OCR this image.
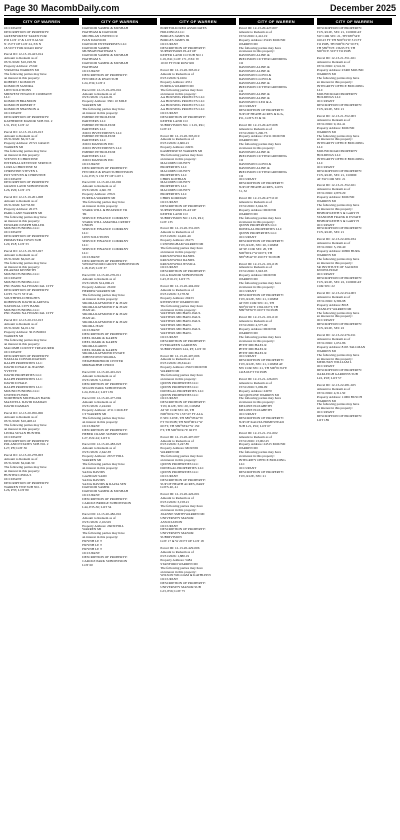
Page 30 MacombDaily.com	December 2025
CITY OF WARREN
OCCUPANT
DESCRIPTION OF PROPERTY:
GREENFOREST TAKEN FOR
P/O LOT 17 & LOT 8 ALSO
N 15 FT OF LOT 24, EX N
18.50 FT FOR ROAD ROW
Parcel ID: 12-13-19-423-014
Amount to Redeem as of
03/31/2026: $10,198.39
Property Address: 27240
VIRGINIA WARREN MI
The following parties may have
an interest in this property:
ROBERT J KOMOCH
KOMOCH SANDRA
LIEN SOLUTIONS
MIDWEST FINANCE COMPANY
LLC
KOMOCH BRANDON
KOMOCH ROBERT F
KOMOCH SHANNON A
OCCUPANT
DESCRIPTION OF PROPERTY:
KATHERINE MANOR SUB NO. 2
L31, P10; LOT 12
Parcel ID: 12-13-19-129-013
Amount to Redeem as of
03/31/2026: $6,317.42
Property Address: 25721 GRACE
WARREN MI
The following parties may have
an interest in this property:
STEVEN E CHRISTINE
INTERNAL REVENUE SERVICE
LORI A CHRISTINE M
CHRISTINE STEVEN L
POT STEVEN & CHRISTINE
OCCUPANT
DESCRIPTION OF PROPERTY:
GRAND LAND SUBDIVISION
L26, P26; LOT 172
Parcel ID: 12-13-19-201-008
Amount to Redeem as of
03/31/2026: $.0733.80
Property Address: 26173
PARK LANE WARREN MI
The following parties may have
an interest in this property:
EDWARD JOSEPH MILLER
MOUND FUNDING LLC
OCCUPANT
DESCRIPTION OF PROPERTY:
PRIMAVERA TOWN SUB
L20, P18; LOT 33
Parcel ID: 12-13-19-353-027
Amount to Redeem as of
03/31/2026: $6,947.42
The following parties may have
an interest in this property:
PILARSKI KENNETH
MOUND FUNDING LLC
OCCUPANT
MOUND FUNDING LLC
PNC BANK NA FINANCIAL CITY
DESCRIPTION OF PROPERTY:
LOTS 74-75 ST P AL
SOUTHFIELD HEIGHTS
ROBINSON DAVID & ARESTA
NATIONAL CITY BANK
MOUND FUNDING LLC
PNC BANK NA FINANCIAL CITY
Parcel ID: 12-13-20-152-013
Amount to Redeem as of
03/31/2026: $4,011.59
Property Address: 3615 BODO
WARREN MI
The following parties may have
an interest in this property:
MACOMB COUNTY TREASURER
OCCUPANT
DESCRIPTION OF PROPERTY:
NATALIA CONSOLIDATION
RALPH PROPERTIES LLC
DAVID D HALE & JEANNE
YVETTE
DAVID PROPERTIES LLC
RALPH PROPERTIES LLC
DAVID D HALE
RALPH PROPERTIES LLC
MOUND FUNDING LLC
UNITED FUNDS
NORTHERN MICHIGAN BANK
MAXWELL DAVID DAMIAN
DAVID DAMIAN
Parcel ID: 12-13-20-056-006
Amount to Redeem as of
03/31/2026: $10,468.12
The following parties may have
an interest in this property:
LINDA SUSAN HUNTER
OCCUPANT
DESCRIPTION OF PROPERTY:
POLAND ESTATES SUB NO. 2
L27, P8; LOT 36
Parcel ID: 12-13-20-278-003
Amount to Redeem as of
03/31/2026: $2,640.30
The following parties may have
an interest in this property:
HUNTER LINDA S
OCCUPANT
DESCRIPTION OF PROPERTY:
WARREN TWP SUB NO. 1
L26, P35; LOT 80
CITY OF WARREN
DAWOOD SAMER & MUSBAH
HAITHAM & DAWOOD
MICHIGAN UNITED CU
IVAN DAWOOD
DAWOOD ENTERPRISES LLC
DAWOOD SAMER
MUSBAH HAITHAM S
DAWOOD SAMER & MUSBAH
HAITHAM S
DAWOOD SAMER & MUSBAH
HAITHAM
OCCUPANT
DESCRIPTION OF PROPERTY:
FEN MILE & RYAN SUB
L24, P34; LOT 2
Parcel ID: 12-13-19-476-016
Amount to Redeem as of
03/31/2026: 13,441.81
Property Address: 3301 10 MILE
WARREN MI
The following parties may have
an interest in this property:
EMPIRE PETROLEUM
PARTNERS LLC
EMPIRE PETROLEUM
PARTNERS LLC
JOUD INVESTMENTS LLC
EMPIRE PETROLEUM
PARTNERS LLC
JOUD MANSION INC
JOUD INVESTMENTS LLC
EMPIRE PETROLEUM
PARTNERS LLC
JOUD MANSION INC
OCCUPANT
DESCRIPTION OF PROPERTY:
FEN MILE & RYAN SUBDIVISION
L24, P35; S 150 FT OF LOT 1
Parcel ID: 12-13-20-102-002
Amount to Redeem as of
03/31/2026: 4,661.78
Property Address: 27021
EUREKA WARREN MI
The following parties may have
an interest in this property:
STARK WILL & BEATRICE TR
TR
SERVICE FINANCE COMPANY
STARK WILL AMANDA CREDIT
UNION
SERVICE FINANCE COMPANY
LLC
LIEN SOLUTIONS
SERVICE FINANCE COMPANY
LLC
SERVICE FINANCE COMPANY
LLC
OCCUPANT
DESCRIPTION OF PROPERTY:
WEDGEWOOD GROVE SUBDIVISION
L18, P43; LOT 37
Parcel ID: 12-13-20-276-011
Amount to Redeem as of
03/31/2026: $14,006.21
Property Address: 26169
HERDER WARREN MI
The following parties may have
an interest in this property:
SIKORA RAYMOND F & JEAN
SIKORA RAYMOND F & JEAN
JEAN AL
SIKORA RAYMOND F & JEAN
JEAN AL
SIKORA RAYMOND F & JEAN
SIKORA JEAN
OCCUPANT
DESCRIPTION OF PROPERTY:
DEEL MARK & KAREN
DEEL MARK & KAREN
SIKORA KAREN
DEEL MARK & KAREN
SIKORA RAYMOND ESTATE
JOHNSTOWN SIKORA
NEIGHBORHOOD CENTER
MIRBAKHSH CHUDI
Parcel ID: 12-13-20-401-021
Amount to Redeem as of
03/31/2026: 5,129.62
DESCRIPTION OF PROPERTY:
SEGUIN PARK SUBDIVISION
L24, P20-41; LOT 139
Parcel ID: 12-13-20-477-004
Amount to Redeem as of
03/31/2026: 2,244.96
Property Address: 4711 COOLEY
CT WARREN MI
The following parties may have
an interest in this property:
OCCUPANT
DESCRIPTION OF PROPERTY:
HEBER CRANE SUBDIVISION
L27, P22-24; LOT 6
Parcel ID: 12-13-20-483-023
Amount to Redeem as of
03/31/2026: 2,642.38
Property Address: 26727 HILL
WARREN MI
The following parties may have
an interest in this property:
SAZIA DAVIDS
GAZIDAN SAMI
SAZIA DAVIDS
SAZIA DAVIDS & RAZIA SEN
DAWOOD SAMER
DAWOOD SAMER & MUSBAH
OCCUPANT
DESCRIPTION OF PROPERTY:
CAROLE BRIDGE SUBDIVISION
L44, P35-36; LOT 54
Parcel ID: 12-13-20-482-016
Amount to Redeem as of
03/31/2026: 2,102.69
Property Address: 26639 HILL
WARREN MI
The following parties may have
an interest in this property:
HUYNH LE T
HUYNH LE T
HUYNH LE T
OCCUPANT
DESCRIPTION OF PROPERTY:
CAROLE PARK SUBDIVISION
LOT 60
CITY OF WARREN
PORTFOLIO REO ASSOCIATES
HOLDINGS LLC
BORGES JAMES JR
BORGES JAMES JR
OCCUPANT
DESCRIPTION OF PROPERTY:
SUPERVISORS PLAT OF
KEIFER LAND CO SUB NO 1
L19, P41; LOT 171, EXC W
10.50 FT FOR ROW RD
Parcel ID: 12-13-20-303-012
Amount to Redeem as of
03/31/2026: $.1604
Property Address: 4351
EUREKA WARREN MI
The following parties may have
an interest in this property:
AA HOUSING PROJECTS LLC
AA HOUSING PROJECTS LLC
AA HOUSING PROJECTS LLC
AA HOUSING PROJECTS LLC
OCCUPANT
DESCRIPTION OF PROPERTY:
KEIFER LAND CO
SUBDIVISION NO. 1 L19, P41;
LOT 23
Parcel ID: 12-13-20-303-019
Amount to Redeem as of
03/31/2026: 2,606.21
Property Address: 24931
KAMPERSETZ WARREN MI
The following parties may have
an interest in this property:
MACOMB COUNTY
PROPERTIES LLC
MACOMB COUNTY
PROPERTIES LLC
CHRIS KOTBIAN
MACOMB COUNTY
PROPERTIES LLC
MACOMB COUNTY
PROPERTIES LLC
CHRIS KORDIAN
OCCUPANT
DESCRIPTION OF PROPERTY:
SUPERVISORS PLAT OF
KEIFER LAND CO
SUBDIVISION NO 1 L19, P41;
LOT 135
Parcel ID: 12-13-20-331-003
Amount to Redeem as of
03/31/2026: 14,461.46
Property Address: 26175
CUNNINGHAM WARREN MI
The following parties may have
an interest in this property:
KRUSZEWSKI DANIEL
KRUSZEWSKI DANIEL
KRUSZEWSKI JESSICA
OCCUPANT
DESCRIPTION OF PROPERTY:
LILA MANOR SUBDIVISION
L43, P10-15; LOT 73
Parcel ID: 12-13-20-404-002
Amount to Redeem as of
03/31/2026: 3,178.50
Property Address: 29433
RIVERVIEW WARREN MI
The following parties may have
an interest in this property:
WATTERS MICHAEL PAUL
WATTERS MICHAEL PAUL
WATTERS MICHAEL PAUL
WATTERS MICHAEL
WATTERS MICHAEL PAUL
WATTERS MICHAEL
OCCUPANT
DESCRIPTION OF PROPERTY:
EVERGREEN GARDENS
SUBDIVISION L24, P3; LOT 39
Parcel ID: 12-13-20-407-006
Amount to Redeem as of
03/31/2026: 28,344.41
Property Address: 25023 MOUND
WARREN MI
The following parties may have
an interest in this property:
QUINN PROPERTIES LLC
QUINN PROPERTIES LLC
DONEGAL PROPERTIES LLC
QUINN PROPERTIES LLC
OCCUPANT
DESCRIPTION OF PROPERTY:
T1N, R12E, SEC 20, COMM
AT SE COR SEC 20, TH
N00°00'41"W 1337.07 FT ALG
E SEC LINE, TH S89°58'42"W
FT TO POB; TH N00°00'41"W
60 FT, TH S89°58'42"W 150
FT, TH S00°00'41"E 60 FT
Parcel ID: 12-13-20-407-007
Amount to Redeem as of
03/31/2026: 3,247.85
Property Address: MOUND
WARREN MI
The following parties may have
an interest in this property:
QUINN PROPERTIES LLC
DONEGAL PROPERTIES LLC
QUINN PROPERTIES LLC
OCCUPANT
DESCRIPTION OF PROPERTY:
SUP OF HEATH ACRES, PART
LOTS 40, 41
Parcel ID: 12-13-20-426-001
Amount to Redeem as of
03/31/2026: 3,158.21
The following parties may have
an interest in this property:
JOANNE SMITH WARREN MI
UNIVERSITY MANOR
ASSOCIATION
OCCUPANT
DESCRIPTION OF PROPERTY:
UNIVERSITY MANOR
SUBDIVISION
LOT 17 & W 20 FT OF LOT 18
Parcel ID: 12-13-20-429-006
Amount to Redeem as of
03/31/2026: 1,880.19
Property Address: 5484
STANFORD WARREN MI
The following parties may have
an interest in this property:
WILSON WILLIAM & KATHLEEN
OCCUPANT
DESCRIPTION OF PROPERTY:
UNIVERSITY MANOR SUB
L23, P56; LOT 75
CITY OF WARREN
Parcel ID: 12-13-20-427-007
Amount to Redeem as of
03/31/2026: 2,412.19
Property Address: 25245 MOUND
WARREN MI
The following parties may have
an interest in this property:
DAVIDSON ALINE &
PRECISION CUTTER GRINDING
CO
DAVIDSON ALINE &
DAVIDSON ALINE &
DAVIDSON LLOYD &
DAVIDSON LLOYD &
DAVIDSON ALINE &
PRECISION CUTTER GRINDING
CO
DAVIDSON ALINE &
DAVIDSON ALINE &
DAVIDSON CLEO & A
OCCUPANT
DESCRIPTION OF PROPERTY:
SUP OF HEATH ACRES & K/A,
P11, LOTS 33 & 34
Parcel ID: 12-13-20-427-008
Amount to Redeem as of
03/31/2026: 5,296.73
Property Address: 25211 MOUND
WARREN MI
The following parties may have
an interest in this property:
DAVIDSON ALINE &
PRECISION CUTTER GRINDING
CO
DAVIDSON LLOYD &
DAVIDSON ALINE &
PRECISION CUTTER GRINDING
CO
OCCUPANT
DESCRIPTION OF PROPERTY:
SUP OF HEATH ACRES, LOTS
31, 32
Parcel ID: 12-13-20-477-010
Amount to Redeem as of
03/31/2026: 3,644.35
Property Address: MOUND
WARREN MI
The following parties may have
an interest in this property:
QUINN PROPERTIES LLC
DONEGAL PROPERTIES LLC
QUINN PROPERTIES LLC
OCCUPANT
DESCRIPTION OF PROPERTY:
T1N, R12E, SEC 20, COMM
AT SE COR SEC 20, TH
N00°00'41"W 60 FT, TH
S89°58'42"W 450 FT TO POB
Parcel ID: 12-13-21-101-018
Amount to Redeem as of
03/31/2026: 3,943.03
Property Address: MOUND
WARREN MI
The following parties may have
an interest in this property:
OCCUPANT
DESCRIPTION OF PROPERTY:
T1N, R12E, SEC 21, COMM
AT NW COR SEC 21, TH
S00°01'04"E 1362.66 FT, TH
N89°58'56"E 60 FT TO POB
Parcel ID: 12-13-21-101-019
Amount to Redeem as of
03/31/2026: 4,577.49
Property Address: MOUND
WARREN MI
The following parties may have
an interest in this property:
PETIT MICHAEL R
PETIT MICHAEL R
PETIT MICHAEL R
OCCUPANT
DESCRIPTION OF PROPERTY:
T1N, R12E, SEC 21, COMM AT
NW COR SEC 21, TH S00°01'04"E
1418.66 FT TO POB
Parcel ID: 12-13-21-126-003
Amount to Redeem as of
03/31/2026: 5,069.09
Property Address: 24970
JACQUELINE WARREN MI
The following parties may have
an interest in this property:
MELONE ELIZABETH
MELONE ELIZABETH
OCCUPANT
DESCRIPTION OF PROPERTY:
SUP OF KALITA HOMESTEAD
SUB L21, P16; LOT 67
Parcel ID: 12-13-21-151-002
Amount to Redeem as of
03/31/2026: 13,002.25
Property Address: 24515 MOUND
WARREN MI
The following parties may have
an interest in this property:
INTEGRITY OFFICE BUILDING
LLC
OCCUPANT
DESCRIPTION OF PROPERTY:
T1N, R12E, SEC 21
CITY OF WARREN
DESCRIPTION OF PROPERTY:
T1N, R12E, SEC 21, COMM AT
SW COR SEC 21, TH S89°54'E
160.23 FT TH N00°01'W 313 FT
TO POB, TH N00°01'W 50 FT,
TH S89°55'E 136.95 FT, TH
S00°01'E 50 FT TO POB
Parcel ID: 12-13-21-351-021
Amount to Redeem as of
03/31/2026: 2,541.91
Property Address: 23400 MOUND
WARREN MI
The following parties may have
an interest in this property:
INTEGRITY OFFICE BUILDING
LLC
MOUND ROAD PROPERTY
HOLDINGS LLC
OCCUPANT
DESCRIPTION OF PROPERTY:
T1N, R12E, SEC 21
Parcel ID: 12-13-21-352-003
Amount to Redeem as of
03/31/2026: 9,161.41
Property Address: MOUND
WARREN MI
The following parties may have
an interest in this property:
INTEGRITY OFFICE BUILDING
LLC
MOUND ROAD PROPERTY
HOLDINGS LLC
INTEGRITY OFFICE BUILDING
LLC
OCCUPANT
DESCRIPTION OF PROPERTY:
T1N, R12E, SEC 21, COMM
AT SW COR SEC 21
Parcel ID: 12-13-21-352-021
Amount to Redeem as of
03/31/2026: 2,870.29
Property Address: MOUND
WARREN MI
The following parties may have
an interest in this property:
BISHOP KEITH S & GARY H
STANDISH FRANK R ESTATE
BISHOP KEITH S & GARY H
OCCUPANT
DESCRIPTION OF PROPERTY:
T1N, R12E, SEC 21
Parcel ID: 12-13-22-206-034
Amount to Redeem as of
03/31/2026: 5,130.40
Property Address: 26806 BURG
WARREN MI
The following parties may have
an interest in this property:
SR INSTITUTE OF SACRED
KNOWLEDGE
OCCUPANT
DESCRIPTION OF PROPERTY:
T1N, R12E, SEC 22, COMM AT
COR SEC 22
Parcel ID: 12-13-22-254-003
Amount to Redeem as of
03/31/2026: 6,306.98
Property Address: 8018
STANLEY WARREN MI
The following parties may have
an interest in this property:
OCCUPANT
DESCRIPTION OF PROPERTY:
T1N, R12E, SEC 22
Parcel ID: 12-13-22-276-011
Amount to Redeem as of
03/31/2026: 1,651.86
Property Address: 8165 TALLMAN
WARREN MI
The following parties may have
an interest in this property:
MEDUSKY WILLIAM L
OCCUPANT
DESCRIPTION OF PROPERTY:
OAKLEIGH GARDENS SUB
L22, P18; LOT 57
Parcel ID: 12-13-22-281-025
Amount to Redeem as of
03/31/2026: 4,311.50
Property Address: 11006 BUSCH
WARREN MI
The following parties may have
an interest in this property:
OCCUPANT
DESCRIPTION OF PROPERTY:
LOT 189
